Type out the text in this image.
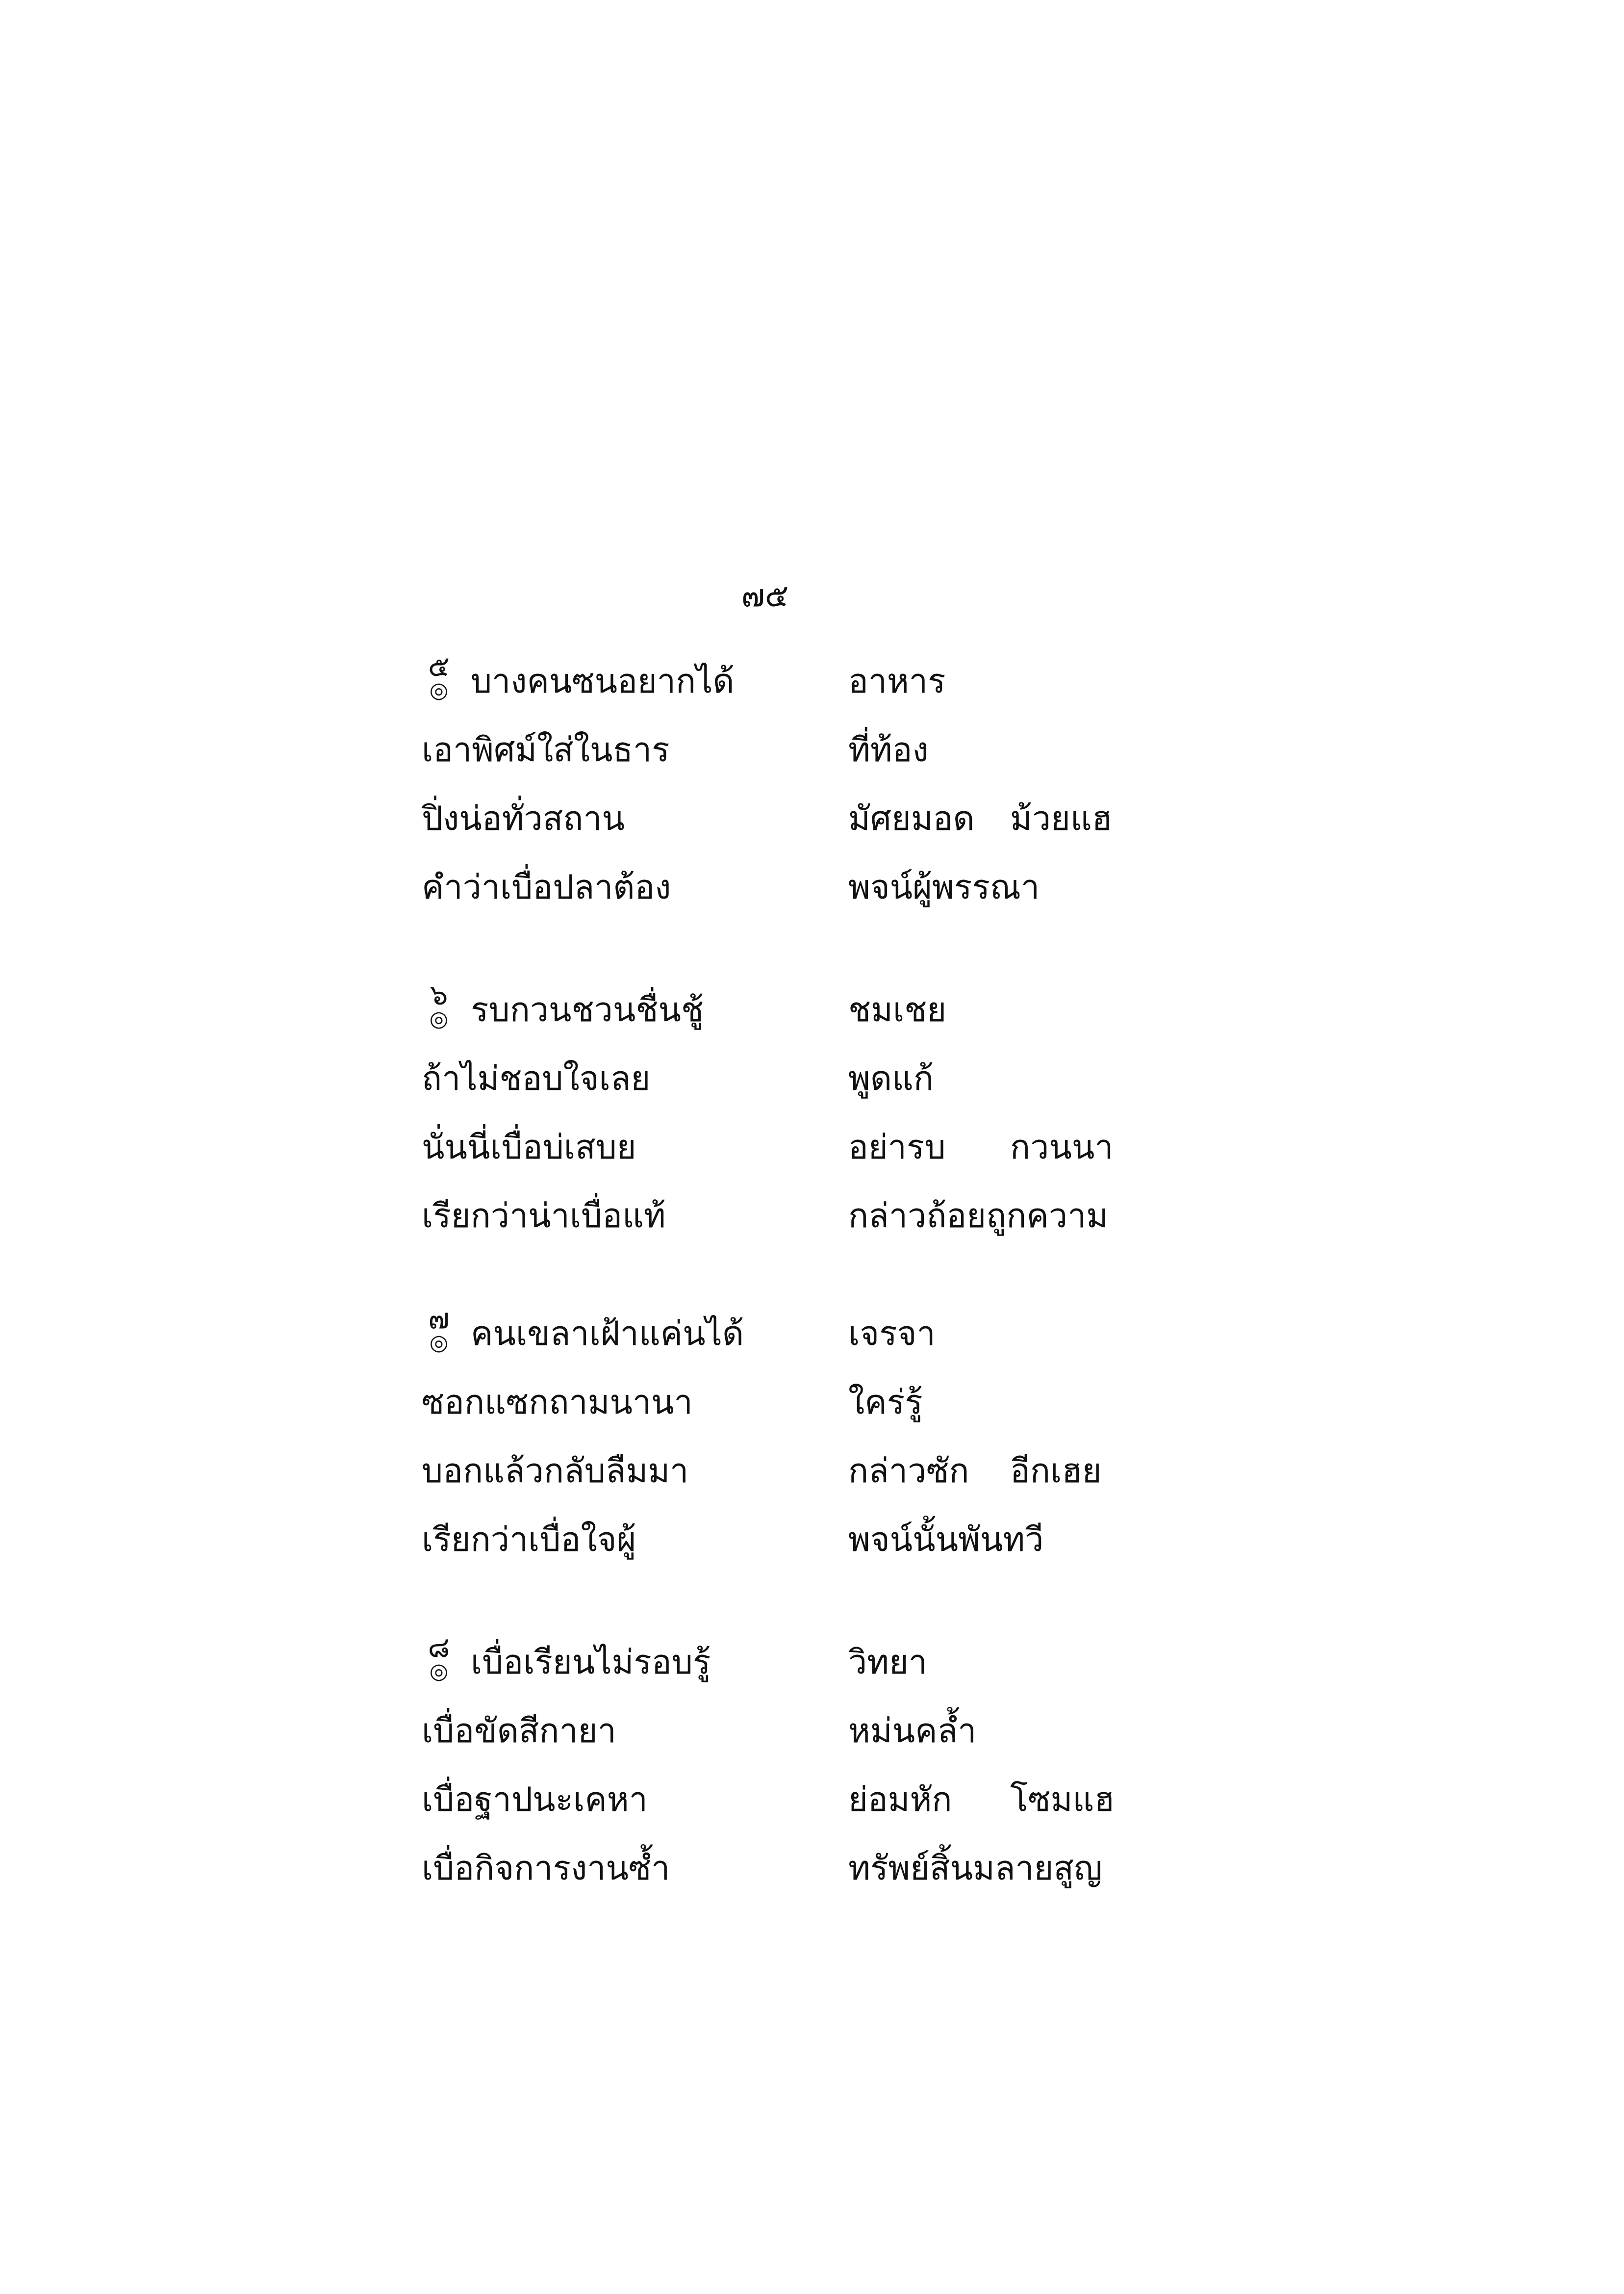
๗๕
๕
◎ บางคนซนอยากได้	อาหาร
เอาพิศม์ใส่ในธาร	ที่ท้อง
ปิ่งน่อทั่วสถาน	มัศยมอด ม้วยแฮ
คำว่าเบื่อปลาต้อง	พจน์ผู้พรรณา
๖
◎ รบกวนชวนชื่นชู้	ชมเชย
ถ้าไม่ชอบใจเลย	พูดแก้
นั่นนี่เบื่อบ่เสบย	อย่ารบ กวนนา
เรียกว่าน่าเบื่อแท้	กล่าวถ้อยถูกความ
๗
◎ คนเขลาเฝ้าแค่นได้	เจรจา
ซอกแซกถามนานา	ใคร่รู้
บอกแล้วกลับลืมมา	กล่าวซัก อีกเฮย
เรียกว่าเบื่อใจผู้	พจน์นั้นพันทวี
๘
◎ เบื่อเรียนไม่รอบรู้	วิทยา
เบื่อขัดสีกายา	หม่นคล้ำ
เบื่อฐาปนะเคหา	ย่อมหัก โซมแฮ
เบื่อกิจการงานซ้ำ	ทรัพย์สิ้นมลายสูญ
